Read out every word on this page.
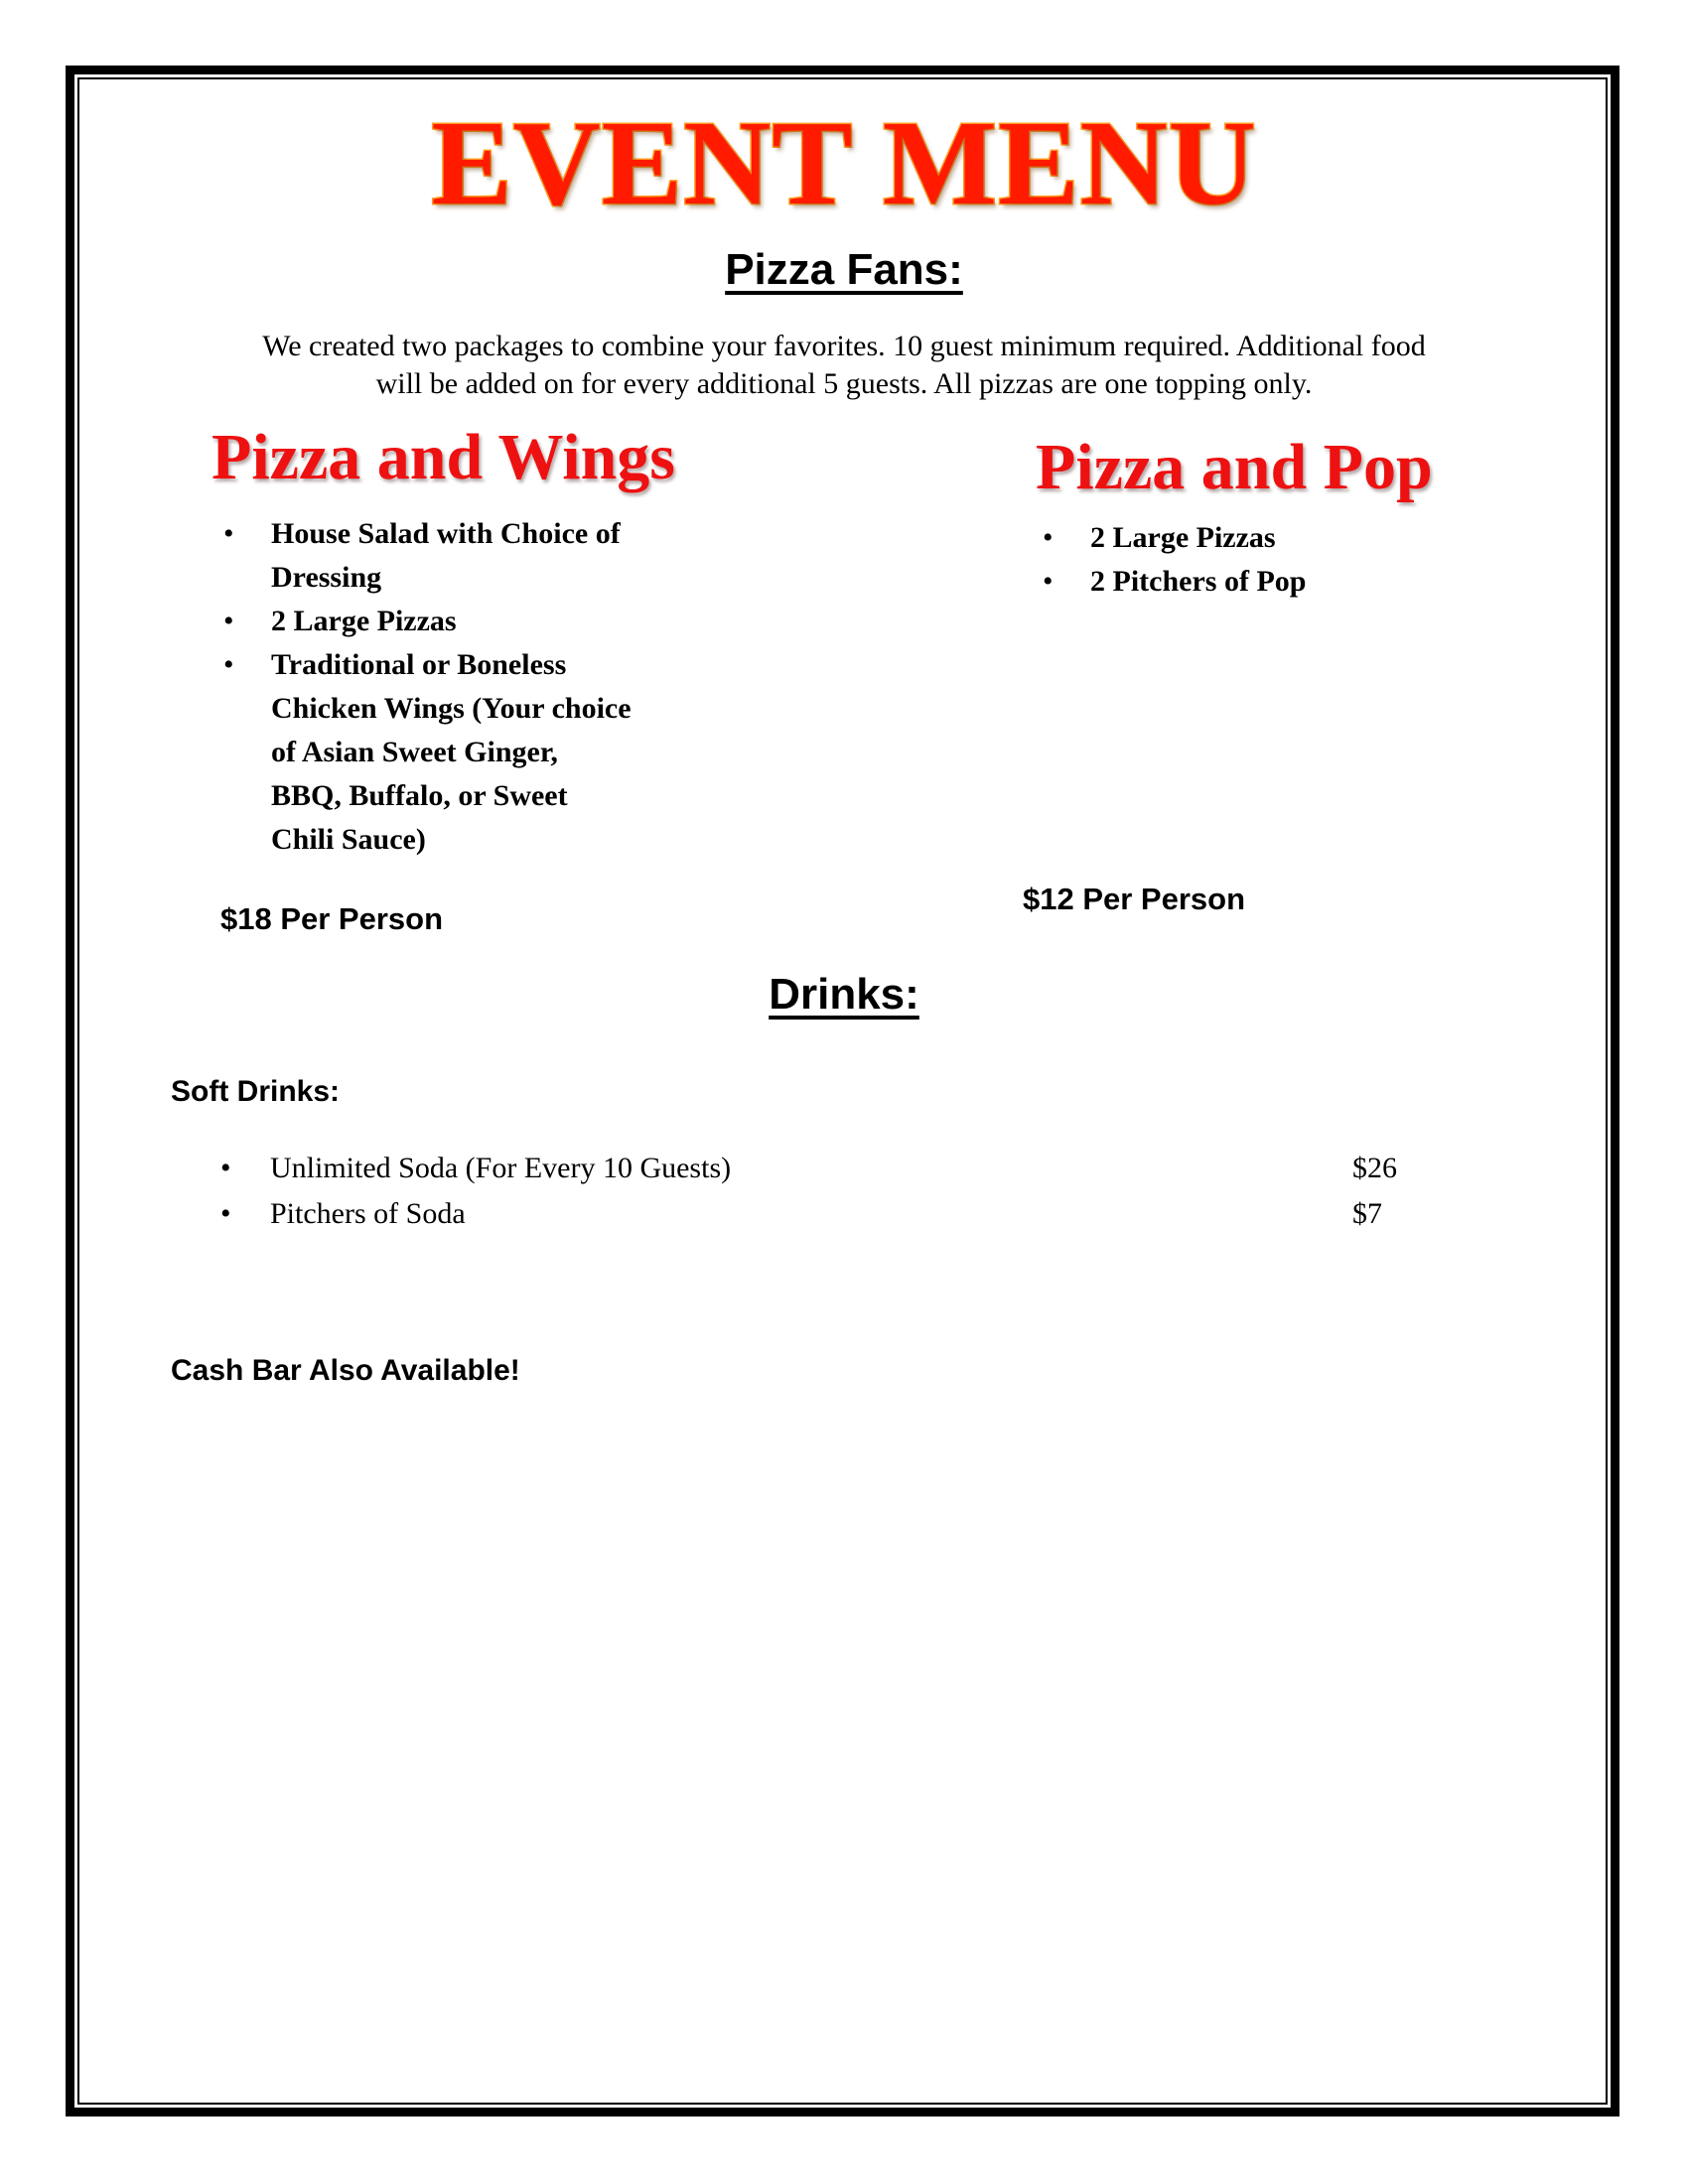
EVENT MENU
Pizza Fans:
We created two packages to combine your favorites. 10 guest minimum required. Additional food
will be added on for every additional 5 guests. All pizzas are one topping only.
Pizza and Wings
• House Salad with Choice of
Dressing
• 2 Large Pizzas
• Traditional or Boneless
Chicken Wings (Your choice
of Asian Sweet Ginger,
BBQ, Buffalo, or Sweet
Chili Sauce)
$18 Per Person
Pizza and Pop
• 2 Large Pizzas
• 2 Pitchers of Pop
$12 Per Person
Drinks:
Soft Drinks:
• Unlimited Soda (For Every 10 Guests)	$26
• Pitchers of Soda	$7
Cash Bar Also Available!
